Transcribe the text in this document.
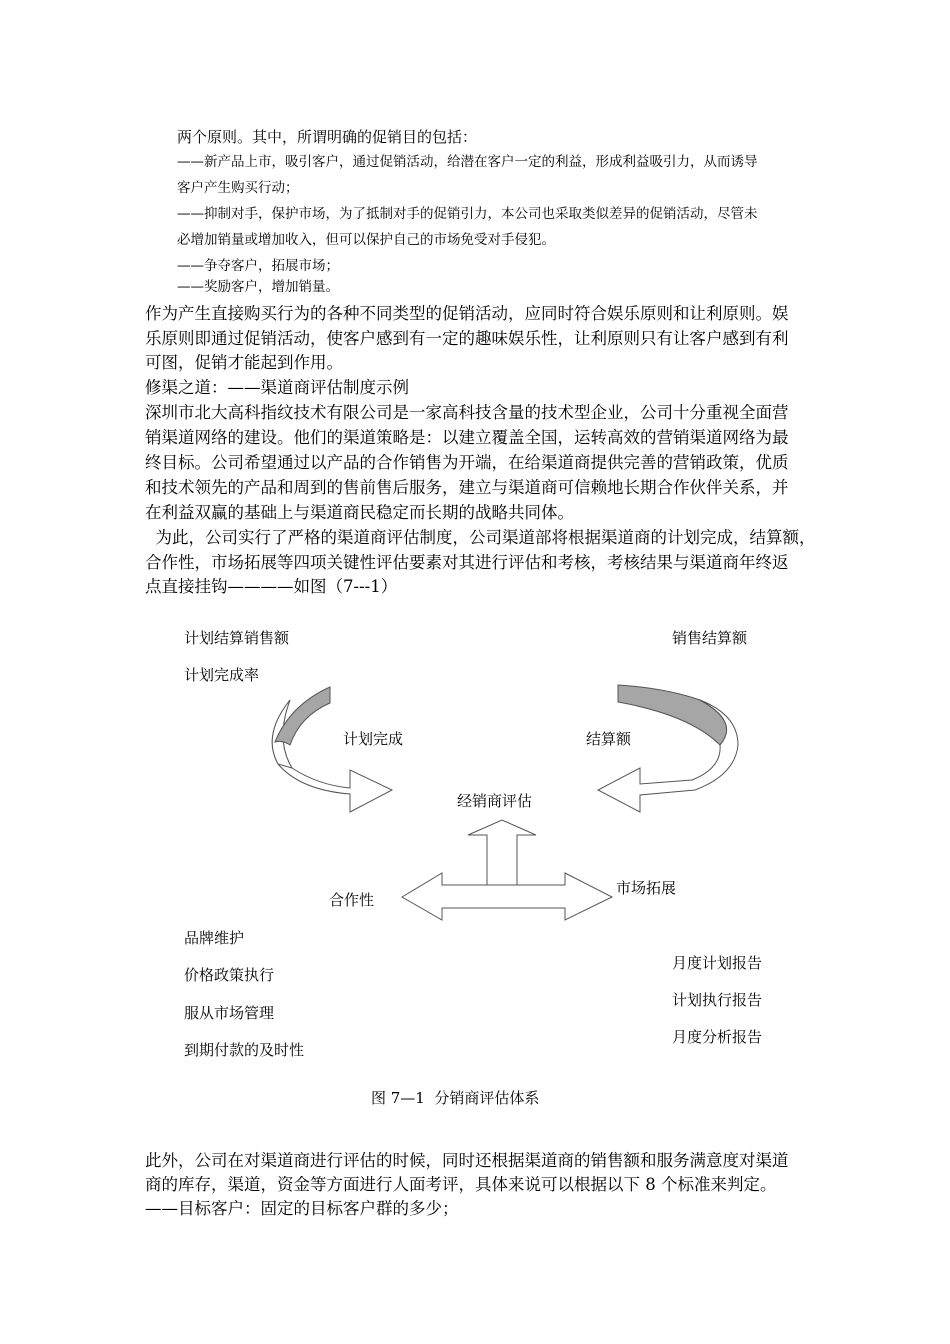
两个原则。其中，所谓明确的促销目的包括：
——新产品上市，吸引客户，通过促销活动，给潜在客户一定的利益，形成利益吸引力，从而诱导
客户产生购买行动；
——抑制对手，保护市场，为了抵制对手的促销引力，本公司也采取类似差异的促销活动，尽管未
必增加销量或增加收入，但可以保护自己的市场免受对手侵犯。
——争夺客户，拓展市场；
——奖励客户，增加销量。
作为产生直接购买行为的各种不同类型的促销活动，应同时符合娱乐原则和让利原则。娱
乐原则即通过促销活动，使客户感到有一定的趣味娱乐性，让利原则只有让客户感到有利
可图，促销才能起到作用。
修渠之道：——渠道商评估制度示例
深圳市北大高科指纹技术有限公司是一家高科技含量的技术型企业，公司十分重视全面营
销渠道网络的建设。他们的渠道策略是：以建立覆盖全国，运转高效的营销渠道网络为最
终目标。公司希望通过以产品的合作销售为开端，在给渠道商提供完善的营销政策，优质
和技术领先的产品和周到的售前售后服务，建立与渠道商可信赖地长期合作伙伴关系，并
在利益双赢的基础上与渠道商民稳定而长期的战略共同体。
为此，公司实行了严格的渠道商评估制度，公司渠道部将根据渠道商的计划完成，结算额，
合作性，市场拓展等四项关键性评估要素对其进行评估和考核，考核结果与渠道商年终返
点直接挂钩————如图（7---1）
计划结算销售额
计划完成率
销售结算额
计划完成	结算额
经销商评估
合作性
市场拓展
品牌维护
价格政策执行
服从市场管理
到期付款的及时性
月度计划报告
计划执行报告
月度分析报告
图 7—1  分销商评估体系
此外，公司在对渠道商进行评估的时候，同时还根据渠道商的销售额和服务满意度对渠道
商的库存，渠道，资金等方面进行人面考评，具体来说可以根据以下 8 个标准来判定。
——目标客户：固定的目标客户群的多少；
